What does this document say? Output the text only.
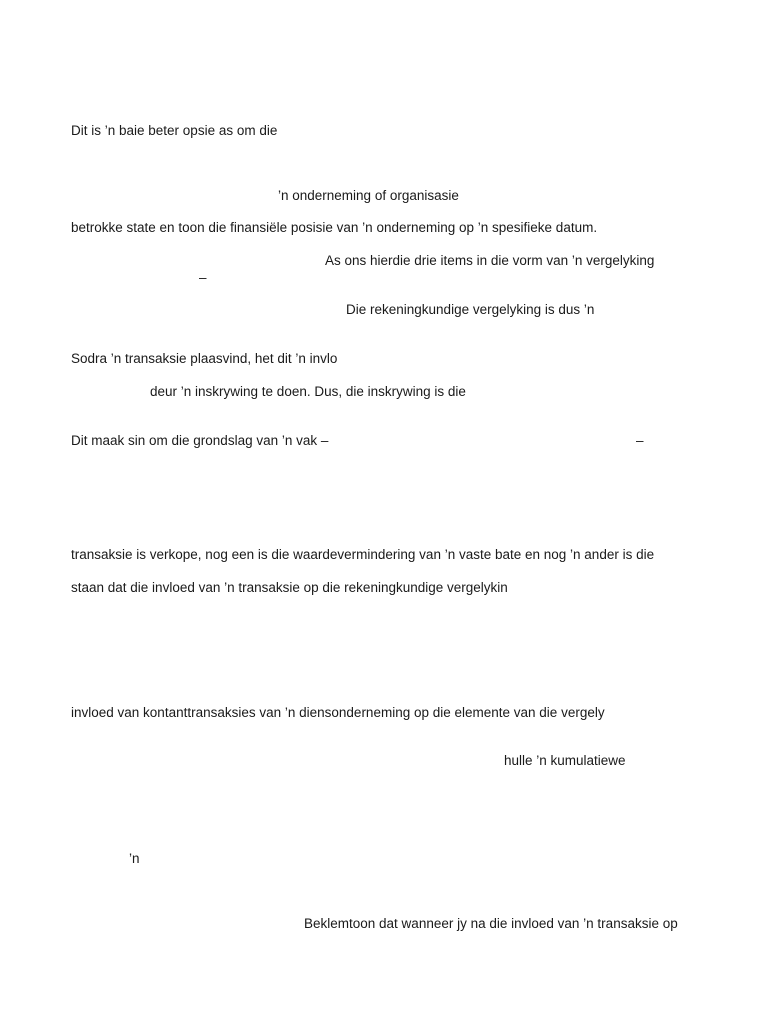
Dit is ’n baie beter opsie as om die
’n onderneming of organisasie
betrokke state en toon die finansiële posisie van ’n onderneming op ’n spesifieke datum.
As ons hierdie drie items in die vorm van ’n vergelyking
–
Die rekeningkundige vergelyking is dus ’n
Sodra ’n transaksie plaasvind, het dit ’n invlo
deur ’n inskrywing te doen. Dus, die inskrywing is die
Dit maak sin om die grondslag van ’n vak –	–
transaksie is verkope, nog een is die waardevermindering van ’n vaste bate en nog ’n ander is die
staan dat die invloed van ’n transaksie op die rekeningkundige vergelykin
invloed van kontanttransaksies van ’n diensonderneming op die elemente van die vergely
hulle ’n kumulatiewe
’n
Beklemtoon dat wanneer jy na die invloed van ’n transaksie op
